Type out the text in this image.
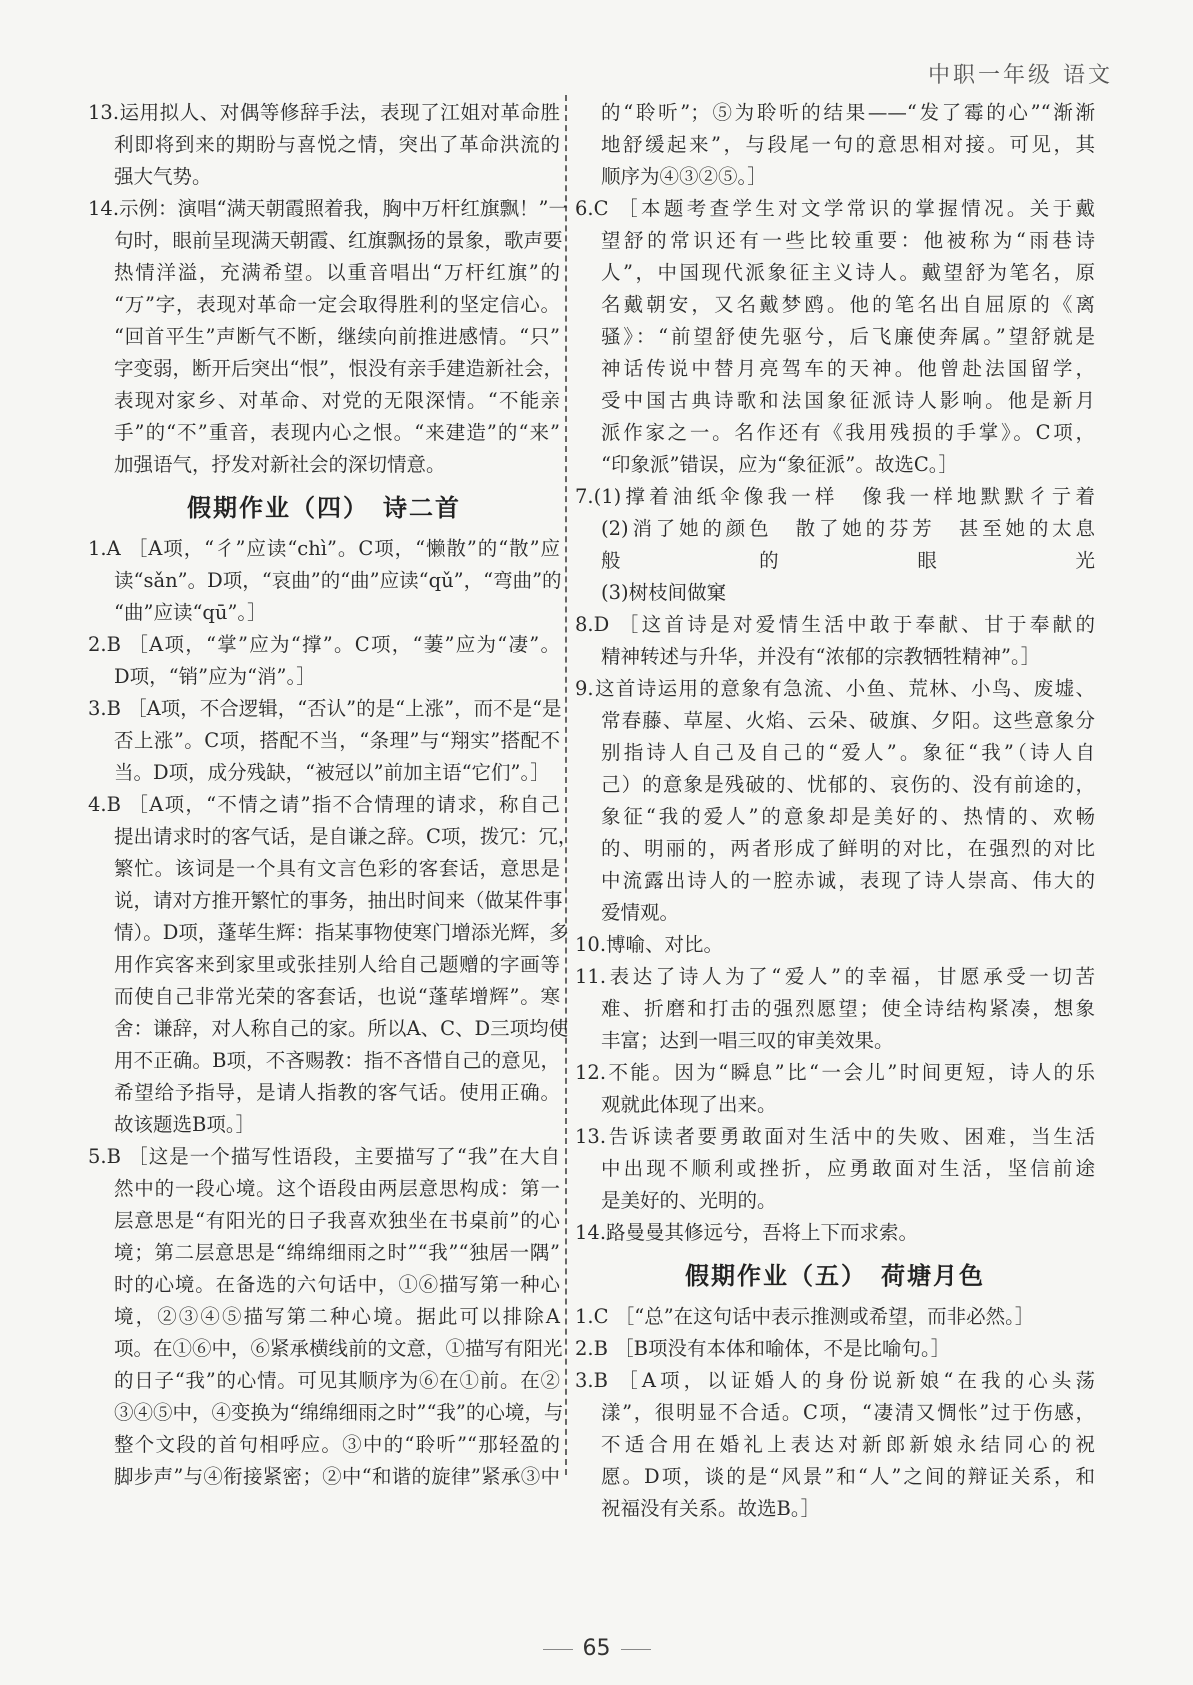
中职一年级 语文
13.运用拟人、对偶等修辞手法，表现了江姐对革命胜
利即将到来的期盼与喜悦之情，突出了革命洪流的
强大气势。
14.示例：演唱“满天朝霞照着我，胸中万杆红旗飘！”一
句时，眼前呈现满天朝霞、红旗飘扬的景象，歌声要
热情洋溢，充满希望。以重音唱出“万杆红旗”的
“万”字，表现对革命一定会取得胜利的坚定信心。
“回首平生”声断气不断，继续向前推进感情。“只”
字变弱，断开后突出“恨”，恨没有亲手建造新社会，
表现对家乡、对革命、对党的无限深情。“不能亲
手”的“不”重音，表现内心之恨。“来建造”的“来”
加强语气，抒发对新社会的深切情意。
假期作业（四）　诗二首
1.A ［A项，“彳”应读“chì”。C项，“懒散”的“散”应
读“sǎn”。D项，“哀曲”的“曲”应读“qǔ”，“弯曲”的
“曲”应读“qū”。］
2.B ［A项，“掌”应为“撑”。C项，“萋”应为“凄”。
D项，“销”应为“消”。］
3.B ［A项，不合逻辑，“否认”的是“上涨”，而不是“是
否上涨”。C项，搭配不当，“条理”与“翔实”搭配不
当。D项，成分残缺，“被冠以”前加主语“它们”。］
4.B ［A项，“不情之请”指不合情理的请求，称自己
提出请求时的客气话，是自谦之辞。C项，拨冗：冗，
繁忙。该词是一个具有文言色彩的客套话，意思是
说，请对方推开繁忙的事务，抽出时间来（做某件事
情）。D项，蓬荜生辉：指某事物使寒门增添光辉，多
用作宾客来到家里或张挂别人给自己题赠的字画等
而使自己非常光荣的客套话，也说“蓬荜增辉”。寒
舍：谦辞，对人称自己的家。所以A、C、D三项均使
用不正确。B项，不吝赐教：指不吝惜自己的意见，
希望给予指导，是请人指教的客气话。使用正确。
故该题选B项。］
5.B ［这是一个描写性语段，主要描写了“我”在大自
然中的一段心境。这个语段由两层意思构成：第一
层意思是“有阳光的日子我喜欢独坐在书桌前”的心
境；第二层意思是“绵绵细雨之时”“我”“独居一隅”
时的心境。在备选的六句话中，①⑥描写第一种心
境，②③④⑤描写第二种心境。据此可以排除A
项。在①⑥中，⑥紧承横线前的文意，①描写有阳光
的日子“我”的心情。可见其顺序为⑥在①前。在②
③④⑤中，④变换为“绵绵细雨之时”“我”的心境，与
整个文段的首句相呼应。③中的“聆听”“那轻盈的
脚步声”与④衔接紧密；②中“和谐的旋律”紧承③中
的“聆听”；⑤为聆听的结果——“发了霉的心”“渐渐
地舒缓起来”，与段尾一句的意思相对接。可见，其
顺序为④③②⑤。］
6.C ［本题考查学生对文学常识的掌握情况。关于戴
望舒的常识还有一些比较重要：他被称为“雨巷诗
人”，中国现代派象征主义诗人。戴望舒为笔名，原
名戴朝安，又名戴梦鸥。他的笔名出自屈原的《离
骚》：“前望舒使先驱兮，后飞廉使奔属。”望舒就是
神话传说中替月亮驾车的天神。他曾赴法国留学，
受中国古典诗歌和法国象征派诗人影响。他是新月
派作家之一。名作还有《我用残损的手掌》。C项，
“印象派”错误，应为“象征派”。故选C。］
7.(1)撑着油纸伞像我一样　像我一样地默默彳亍着
(2)消了她的颜色　散了她的芬芳　甚至她的太息
般的眼光
(3)树枝间做窠
8.D ［这首诗是对爱情生活中敢于奉献、甘于奉献的
精神转述与升华，并没有“浓郁的宗教牺牲精神”。］
9.这首诗运用的意象有急流、小鱼、荒林、小鸟、废墟、
常春藤、草屋、火焰、云朵、破旗、夕阳。这些意象分
别指诗人自己及自己的“爱人”。象征“我”（诗人自
己）的意象是残破的、忧郁的、哀伤的、没有前途的，
象征“我的爱人”的意象却是美好的、热情的、欢畅
的、明丽的，两者形成了鲜明的对比，在强烈的对比
中流露出诗人的一腔赤诚，表现了诗人崇高、伟大的
爱情观。
10.博喻、对比。
11.表达了诗人为了“爱人”的幸福，甘愿承受一切苦
难、折磨和打击的强烈愿望；使全诗结构紧凑，想象
丰富；达到一唱三叹的审美效果。
12.不能。因为“瞬息”比“一会儿”时间更短，诗人的乐
观就此体现了出来。
13.告诉读者要勇敢面对生活中的失败、困难，当生活
中出现不顺利或挫折，应勇敢面对生活，坚信前途
是美好的、光明的。
14.路曼曼其修远兮，吾将上下而求索。
假期作业（五）　荷塘月色
1.C ［“总”在这句话中表示推测或希望，而非必然。］
2.B ［B项没有本体和喻体，不是比喻句。］
3.B ［A项，以证婚人的身份说新娘“在我的心头荡
漾”，很明显不合适。C项，“凄清又惆怅”过于伤感，
不适合用在婚礼上表达对新郎新娘永结同心的祝
愿。D项，谈的是“风景”和“人”之间的辩证关系，和
祝福没有关系。故选B。］
65
